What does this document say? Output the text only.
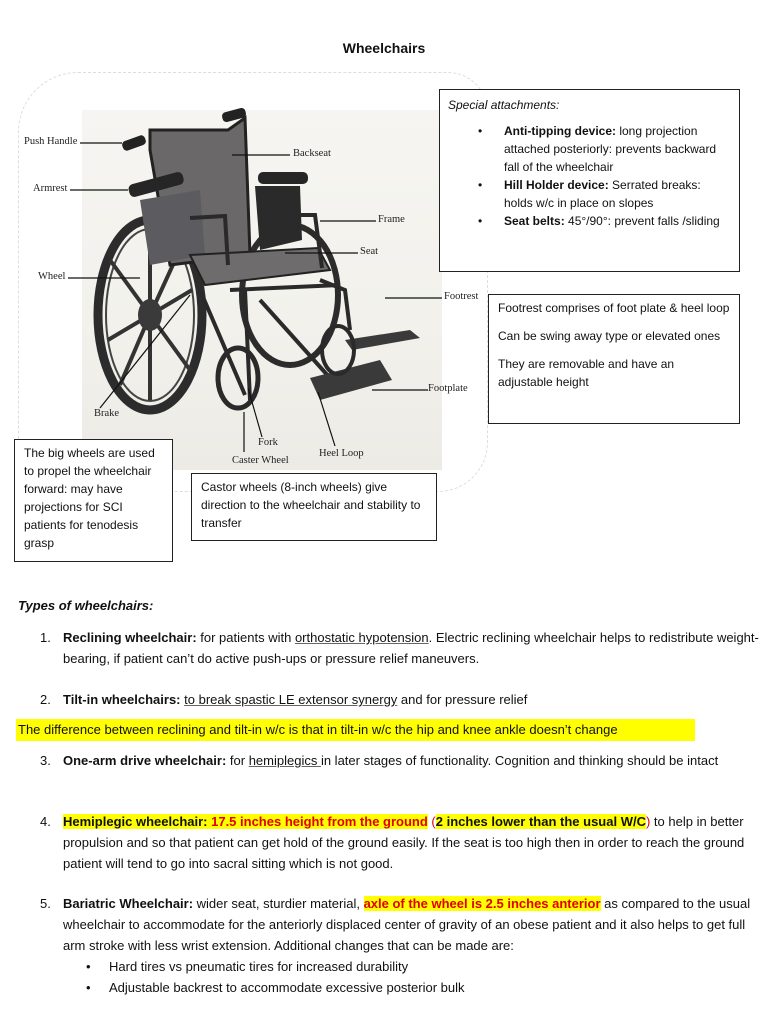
Wheelchairs
Push Handle
Armrest
Wheel
Brake
Backseat
Frame
Seat
Footrest
Footplate
Fork
Caster Wheel
Heel Loop

Special attachments:

• Anti-tipping device: long projection attached posteriorly: prevents backward fall of the wheelchair
• Hill Holder device: Serrated breaks: holds w/c in place on slopes
• Seat belts: 45°/90°: prevent falls /sliding

Footrest comprises of foot plate & heel loop

Can be swing away type or elevated ones

They are removable and have an adjustable height

The big wheels are used to propel the wheelchair forward: may have projections for SCI patients for tenodesis grasp

Castor wheels (8-inch wheels) give direction to the wheelchair and stability to transfer

Types of wheelchairs:
1. Reclining wheelchair: for patients with orthostatic hypotension. Electric reclining wheelchair helps to redistribute weight-bearing, if patient can’t do active push-ups or pressure relief maneuvers.
2. Tilt-in wheelchairs: to break spastic LE extensor synergy and for pressure relief
The difference between reclining and tilt-in w/c is that in tilt-in w/c the hip and knee ankle doesn’t change
3. One-arm drive wheelchair: for hemiplegics in later stages of functionality. Cognition and thinking should be intact
4. Hemiplegic wheelchair: 17.5 inches height from the ground (2 inches lower than the usual W/C) to help in better propulsion and so that patient can get hold of the ground easily. If the seat is too high then in order to reach the ground patient will tend to go into sacral sitting which is not good.
5. Bariatric Wheelchair: wider seat, sturdier material, axle of the wheel is 2.5 inches anterior as compared to the usual wheelchair to accommodate for the anteriorly displaced center of gravity of an obese patient and it also helps to get full arm stroke with less wrist extension. Additional changes that can be made are:
• Hard tires vs pneumatic tires for increased durability
• Adjustable backrest to accommodate excessive posterior bulk
